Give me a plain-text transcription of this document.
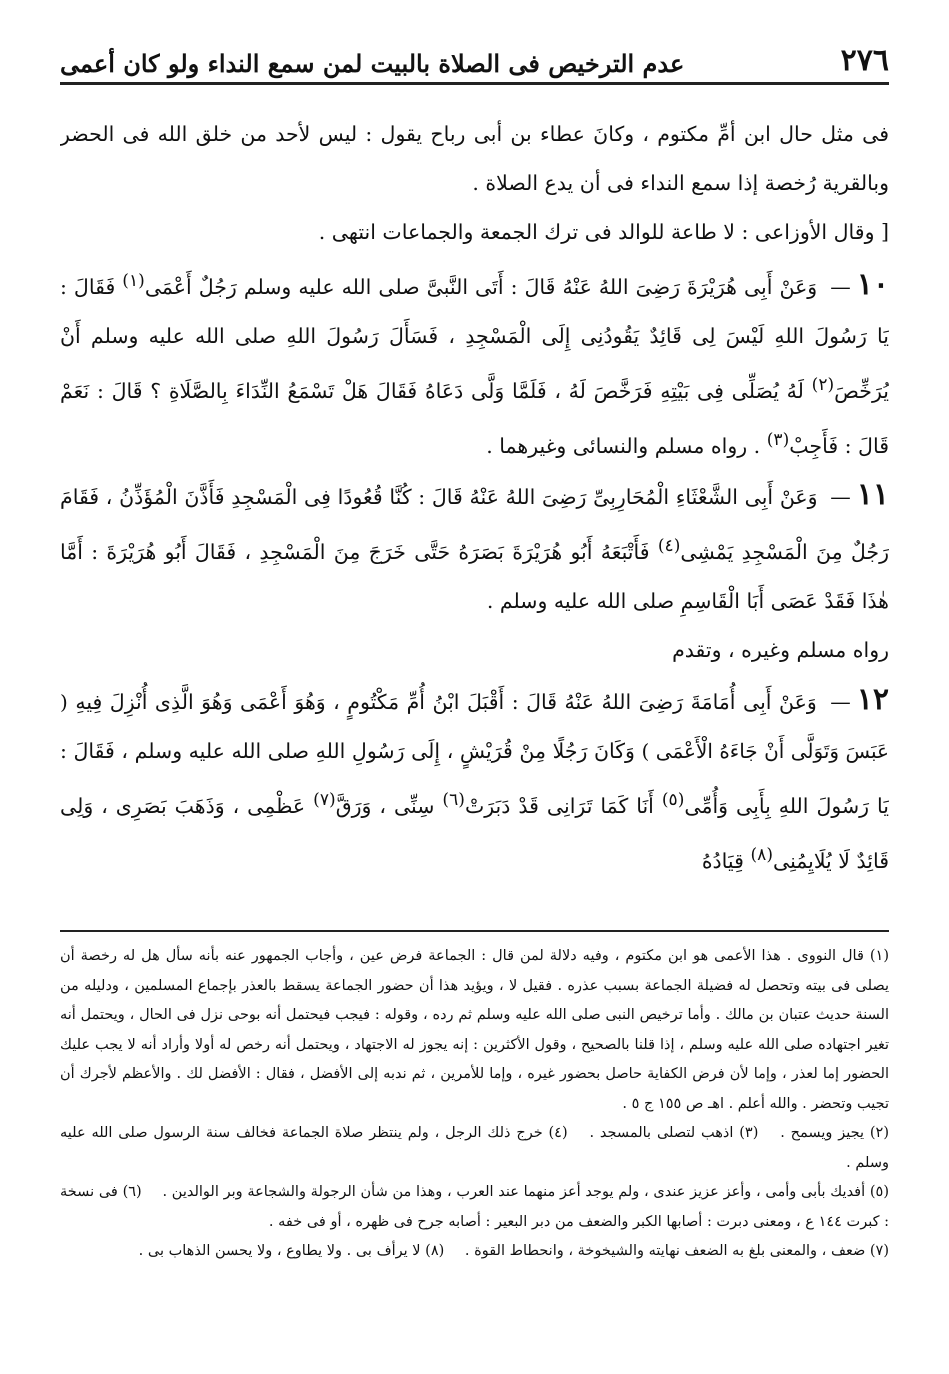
٢٧٦
عدم الترخيص فى الصلاة بالبيت لمن سمع النداء ولو كان أعمى

فى مثل حال ابن أمِّ مكتوم ، وكانَ عطاء بن أبى رباح يقول : ليس لأحد من خلق الله فى الحضر وبالقرية رُخصة إذا سمع النداء فى أن يدع الصلاة .

[ وقال الأوزاعى : لا طاعة للوالد فى ترك الجمعة والجماعات انتهى .

١٠— وَعَنْ أَبِى هُرَيْرَةَ رَضِىَ اللهُ عَنْهُ قَالَ : أَتَى النَّبىَّ صلى الله عليه وسلم رَجُلٌ أَعْمَى$^{(١)}$ فَقَالَ : يَا رَسُولَ اللهِ لَيْسَ لِى قَائِدٌ يَقُودُنِى إِلَى الْمَسْجِدِ ، فَسَأَلَ رَسُولَ اللهِ صلى الله عليه وسلم أَنْ يُرَخِّصَ$^{(٢)}$ لَهُ يُصَلِّى فِى بَيْتِهِ فَرَخَّصَ لَهُ ، فَلَمَّا وَلَّى دَعَاهُ فَقَالَ هَلْ تَسْمَعُ النِّدَاءَ بِالصَّلَاةِ ؟ قَالَ : نَعَمْ قَالَ : فَأَجِبْ$^{(٣)}$ . رواه مسلم والنسائى وغيرهما .

١١— وَعَنْ أَبِى الشَّعْثَاءِ الْمُحَارِبِىِّ رَضِىَ اللهُ عَنْهُ قَالَ : كُنَّا قُعُودًا فِى الْمَسْجِدِ فَأَذَّنَ الْمُؤَذِّنُ ، فَقَامَ رَجُلٌ مِنَ الْمَسْجِدِ يَمْشِى$^{(٤)}$ فَأَتْبَعَهُ أَبُو هُرَيْرَةَ بَصَرَهُ حَتَّى خَرَجَ مِنَ الْمَسْجِدِ ، فَقَالَ أَبُو هُرَيْرَةَ : أَمَّا هٰذَا فَقَدْ عَصَى أَبَا الْقَاسِمِ صلى الله عليه وسلم .

رواه مسلم وغيره ، وتقدم

١٢— وَعَنْ أَبِى أُمَامَةَ رَضِىَ اللهُ عَنْهُ قَالَ : أَقْبَلَ ابْنُ أُمِّ مَكْتُومٍ ، وَهُوَ أَعْمَى وَهُوَ الَّذِى أُنْزِلَ فِيهِ ( عَبَسَ وَتَوَلَّى أَنْ جَاءَهُ الْأَعْمَى ) وَكَانَ رَجُلًا مِنْ قُرَيْشٍ ، إِلَى رَسُولِ اللهِ صلى الله عليه وسلم ، فَقَالَ : يَا رَسُولَ اللهِ بِأَبِى وَأُمِّى$^{(٥)}$ أَنَا كَمَا تَرَانِى قَدْ دَبَرَتْ$^{(٦)}$ سِنِّى ، وَرَقَّ$^{(٧)}$ عَظْمِى ، وَذَهَبَ بَصَرِى ، وَلِى قَائِدٌ لَا يُلَايِمُنِى$^{(٨)}$ قِيَادُهُ

(١) قال النووى . هذا الأعمى هو ابن مكتوم ، وفيه دلالة لمن قال : الجماعة فرض عين ، وأجاب الجمهور عنه بأنه سأل هل له رخصة أن يصلى فى بيته وتحصل له فضيلة الجماعة بسبب عذره . فقيل لا ، ويؤيد هذا أن حضور الجماعة يسقط بالعذر بإجماع المسلمين ، ودليله من السنة حديث عتبان بن مالك . وأما ترخيص النبى صلى الله عليه وسلم ثم رده ، وقوله : فيجب فيحتمل أنه بوحى نزل فى الحال ، ويحتمل أنه تغير اجتهاده صلى الله عليه وسلم ، إذا قلنا بالصحيح ، وقول الأكثرين : إنه يجوز له الاجتهاد ، ويحتمل أنه رخص له أولا وأراد أنه لا يجب عليك الحضور إما لعذر ، وإما لأن فرض الكفاية حاصل بحضور غيره ، وإما للأمرين ، ثم ندبه إلى الأفضل ، فقال : الأفضل لك . والأعظم لأجرك أن تجيب وتحضر . والله أعلم . اهـ ص ١٥٥ ج ٥ .

(٢) يجيز ويسمح . (٣) اذهب لتصلى بالمسجد . (٤) خرج ذلك الرجل ، ولم ينتظر صلاة الجماعة فخالف سنة الرسول صلى الله عليه وسلم .

(٥) أفديك بأبى وأمى ، وأعز عزيز عندى ، ولم يوجد أعز منهما عند العرب ، وهذا من شأن الرجولة والشجاعة وبر الوالدين . (٦) فى نسخة : كبرت ١٤٤ ع ، ومعنى دبرت : أصابها الكبر والضعف من دبر البعير : أصابه جرح فى ظهره ، أو فى خفه .

(٧) ضعف ، والمعنى بلغ به الضعف نهايته والشيخوخة ، وانحطاط القوة . (٨) لا يرأف بى . ولا يطاوع ، ولا يحسن الذهاب بى .
